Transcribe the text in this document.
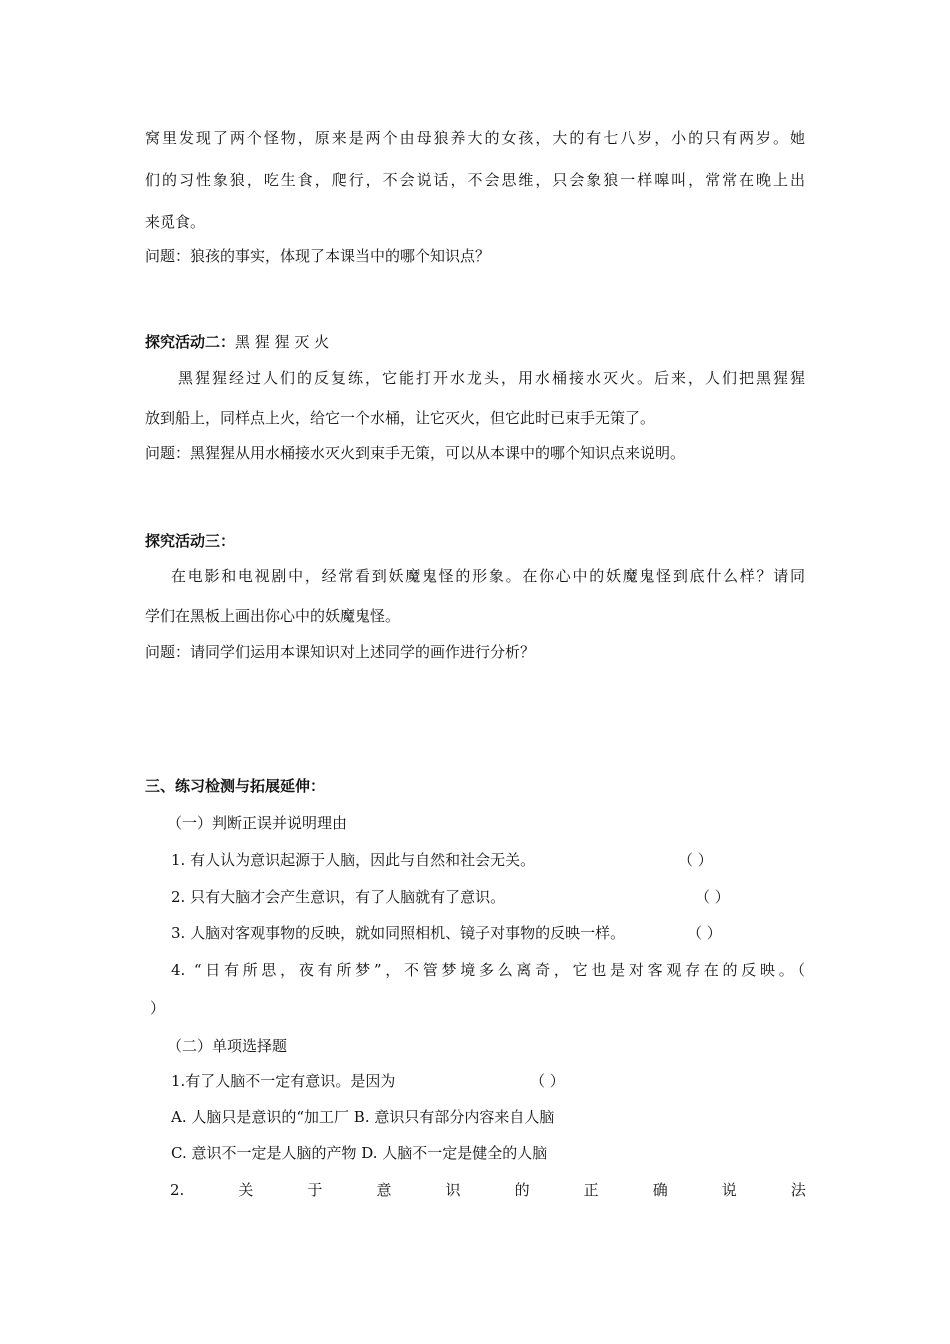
窝里发现了两个怪物，原来是两个由母狼养大的女孩，大的有七八岁，小的只有两岁。她
们的习性象狼，吃生食，爬行，不会说话，不会思维，只会象狼一样嗥叫，常常在晚上出
来觅食。
问题：狼孩的事实，体现了本课当中的哪个知识点？
探究活动二：黑 猩 猩 灭 火
黑猩猩经过人们的反复练，它能打开水龙头，用水桶接水灭火。后来，人们把黑猩猩
放到船上，同样点上火，给它一个水桶，让它灭火，但它此时已束手无策了。
问题：黑猩猩从用水桶接水灭火到束手无策，可以从本课中的哪个知识点来说明。
探究活动三：
在电影和电视剧中，经常看到妖魔鬼怪的形象。在你心中的妖魔鬼怪到底什么样？请同
学们在黑板上画出你心中的妖魔鬼怪。
问题：请同学们运用本课知识对上述同学的画作进行分析？
三、练习检测与拓展延伸：
（一）判断正误并说明理由
1. 有人认为意识起源于人脑，因此与自然和社会无关。	（ ）
2. 只有大脑才会产生意识，有了人脑就有了意识。	（ ）
3. 人脑对客观事物的反映，就如同照相机、镜子对事物的反映一样。	（ ）
4. “日有所思，夜有所梦”，不管梦境多么离奇，它也是对客观存在的反映。（
）
（二）单项选择题
1.有了人脑不一定有意识。是因为	（ ）
A. 人脑只是意识的“加工厂 B. 意识只有部分内容来自人脑
C. 意识不一定是人脑的产物 D. 人脑不一定是健全的人脑
2.	关	于	意	识	的	正	确	说	法
